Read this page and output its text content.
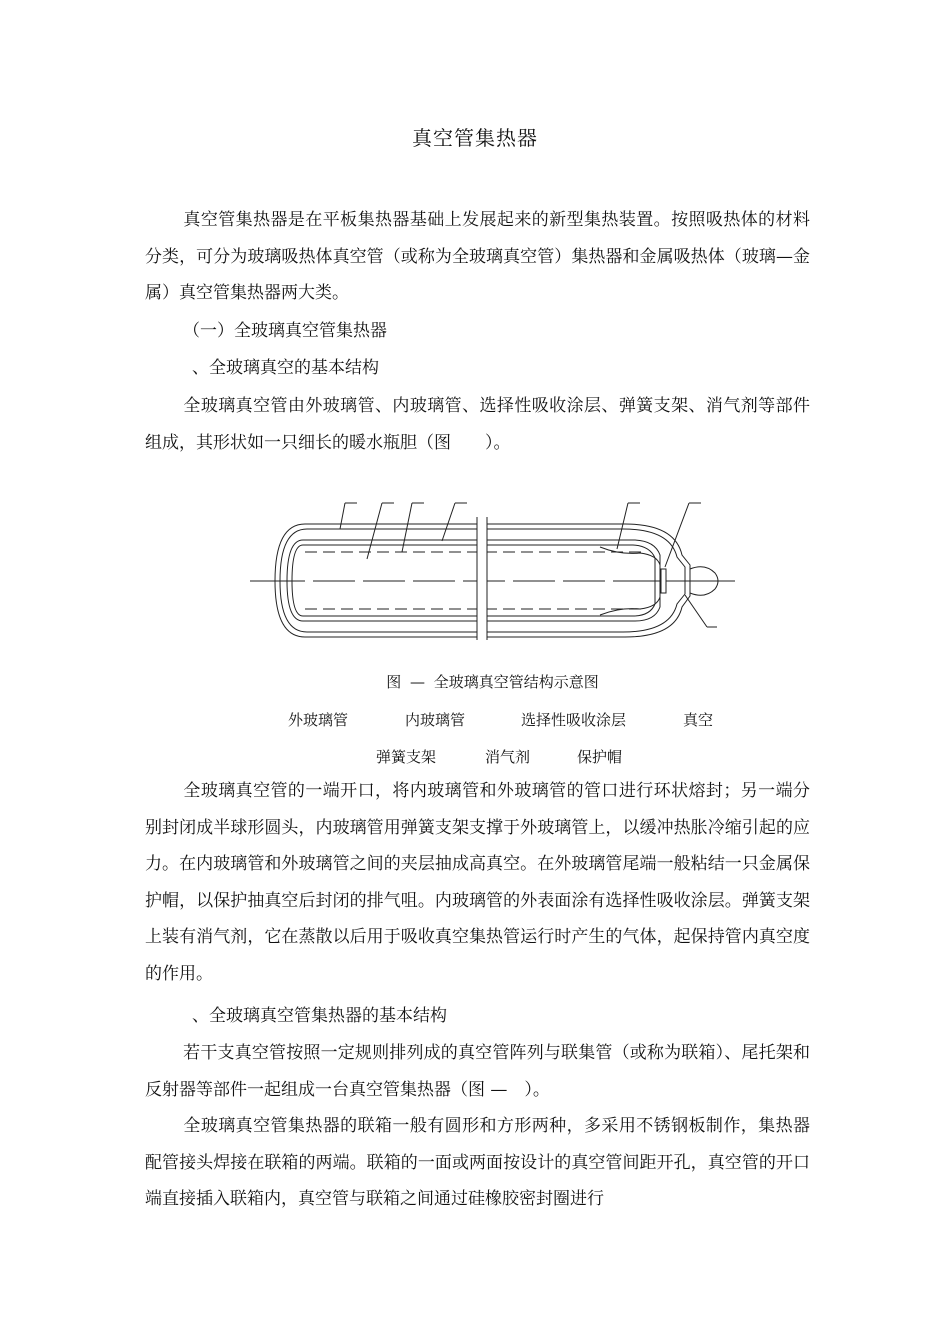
真空管集热器

真空管集热器是在平板集热器基础上发展起来的新型集热装置。按照吸热体的材料分类，可分为玻璃吸热体真空管（或称为全玻璃真空管）集热器和金属吸热体（玻璃—金属）真空管集热器两大类。

（一）全玻璃真空管集热器

、全玻璃真空的基本结构

全玻璃真空管由外玻璃管、内玻璃管、选择性吸收涂层、弹簧支架、消气剂等部件组成，其形状如一只细长的暖水瓶胆（图　　）。

图 — 全玻璃真空管结构示意图
外玻璃管	内玻璃管	选择性吸收涂层	真空
弹簧支架	消气剂	保护帽

全玻璃真空管的一端开口，将内玻璃管和外玻璃管的管口进行环状熔封；另一端分别封闭成半球形圆头，内玻璃管用弹簧支架支撑于外玻璃管上，以缓冲热胀冷缩引起的应力。在内玻璃管和外玻璃管之间的夹层抽成高真空。在外玻璃管尾端一般粘结一只金属保护帽，以保护抽真空后封闭的排气咀。内玻璃管的外表面涂有选择性吸收涂层。弹簧支架上装有消气剂，它在蒸散以后用于吸收真空集热管运行时产生的气体，起保持管内真空度的作用。

、全玻璃真空管集热器的基本结构

若干支真空管按照一定规则排列成的真空管阵列与联集管（或称为联箱）、尾托架和反射器等部件一起组成一台真空管集热器（图 —　）。

全玻璃真空管集热器的联箱一般有圆形和方形两种，多采用不锈钢板制作，集热器配管接头焊接在联箱的两端。联箱的一面或两面按设计的真空管间距开孔，真空管的开口端直接插入联箱内，真空管与联箱之间通过硅橡胶密封圈进行
